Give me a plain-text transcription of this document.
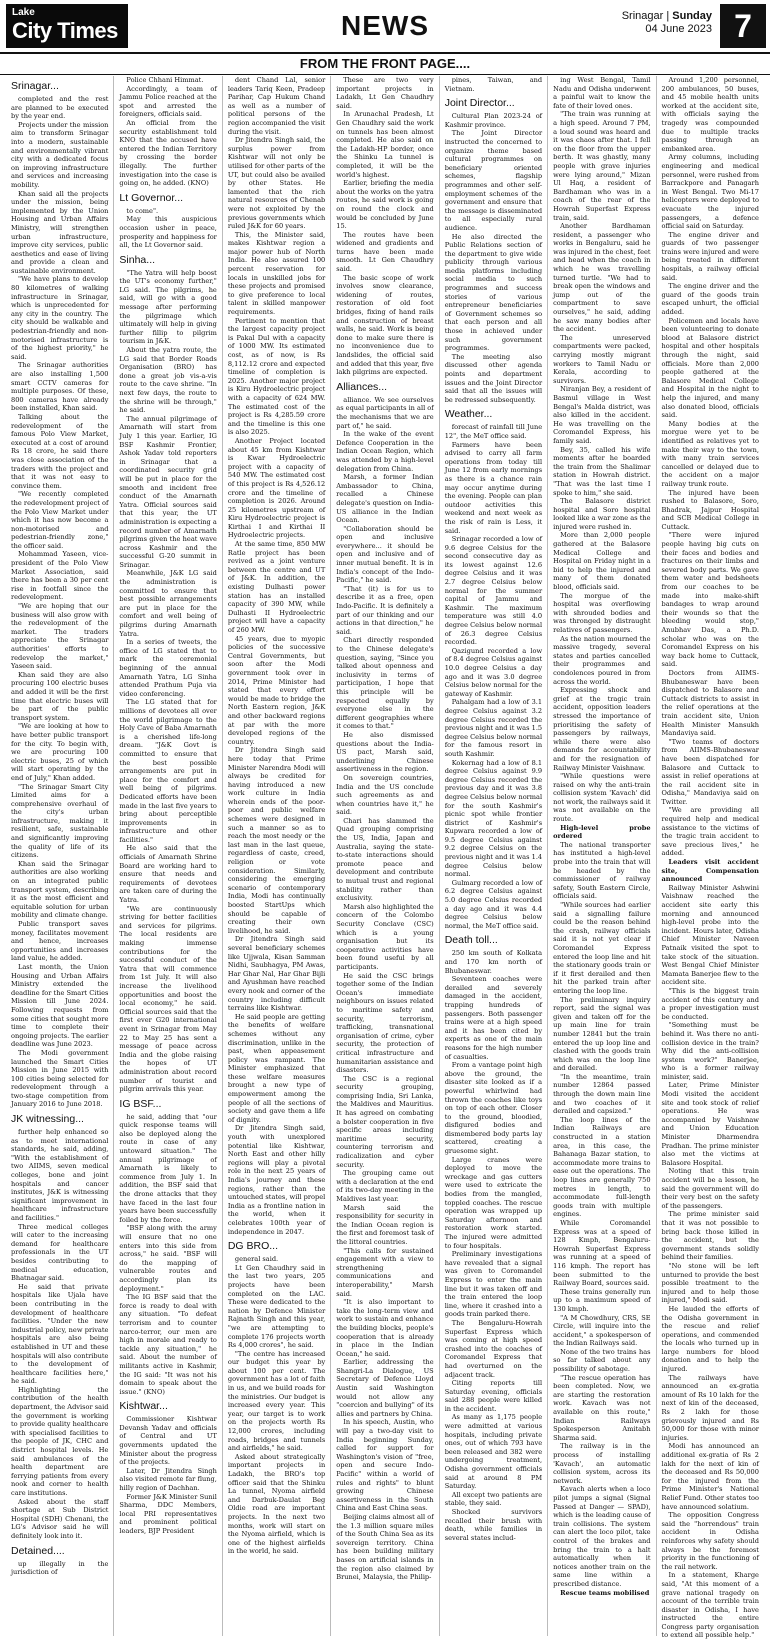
Lake
City Times	NEWS	Srinagar | Sunday
04 June 2023 7
FROM THE FRONT PAGE....
Srinagar...

completed and the rest are planned to be executed by the year end.

Projects under the mission aim to transform Srinagar into a modern, sustainable and environmentally vibrant city with a dedicated focus on improving infrastructure and services and increasing mobility.

Khan said all the projects under the mission, being implemented by the Union Housing and Urban Affairs Ministry, will strengthen urban infrastructure, improve city services, public aesthetics and ease of living and provide a clean and sustainable environment.

"We have plans to develop 80 kilometres of walking infrastructure in Srinagar, which is unprecedented for any city in the country. The city should be walkable and pedestrian-friendly and non-motorised infrastructure is of the highest priority," he said.

The Srinagar authorities are also installing 1,500 smart CCTV cameras for multiple purposes. Of these, 800 cameras have already been installed, Khan said.

Talking about the redevelopment of the famous Polo View Market, executed at a cost of around Rs 18 crore, he said there was close association of the traders with the project and that it was not easy to convince them.

"We recently completed the redevelopment project of the Polo View Market under which it has now become a non-motorised and pedestrian-friendly zone," the officer said.

Mohammad Yaseen, vice-president of the Polo View Market Association, said there has been a 30 per cent rise in footfall since the redevelopment.

"We are hoping that our business will also grow with the redevelopment of the market. The traders appreciate the Srinagar authorities' efforts to redevelop the market," Yaseen said.

Khan said they are also procuring 100 electric buses and added it will be the first time that electric buses will be part of the public transport system.

"We are looking at how to have better public transport for the city. To begin with, we are procuring 100 electric buses, 25 of which will start operating by the end of July," Khan added.

"The Srinagar Smart City Limited aims for a comprehensive overhaul of the city's urban infrastructure, making it resilient, safe, sustainable and significantly improving the quality of life of its citizens.

Khan said the Srinagar authorities are also working on an integrated public transport system, describing it as the most efficient and equitable solution for urban mobility and climate change.

Public transport saves money, facilitates movement and hence, increases opportunities and increases land value, he added.

Last month, the Union Housing and Urban Affairs Ministry extended the deadline for the Smart Cities Mission till June 2024. Following requests from some cities that sought more time to complete their ongoing projects. The earlier deadline was June 2023.

The Modi government launched the Smart Cities Mission in June 2015 with 100 cities being selected for redevelopment through a two-stage competition from January 2016 to June 2018.

JK witnessing...

further help enhanced so as to meet international standards, he said, adding, "With the establishment of two AIIMS, seven medical colleges, bone and joint hospitals and cancer institutes, J&K is witnessing significant improvement in healthcare infrastructure and facilities."

Three medical colleges will cater to the increasing demand for healthcare professionals in the UT besides contributing to medical education, Bhatnagar said.

He said that private hospitals like Ujala have been contributing in the development of healthcare facilities. "Under the new industrial policy, new private hospitals are also being established in UT and these hospitals will also contribute to the development of healthcare facilities here," he said.

Highlighting the contribution of the health department, the Advisor said the government is working to provide quality healthcare with specialised facilities to the people of JK, CHC and district hospital levels. He said ambulances of the health department are ferrying patients from every nook and corner to health care institutions.

Asked about the staff shortage at Sub District Hospital (SDH) Chenani, the LG's Advisor said he will definitely look into it.

Detained....

up illegally in the jurisdiction of

Police Chhani Himmat.

Accordingly, a team of Jammu Police reached at the spot and arrested the foreigners, officials said.

An official from the security establishment told KNO that the accused have entered the Indian Territory by crossing the border illegally. The further investigation into the case is going on, he added. (KNO)

Lt Governor...

to come".

May this auspicious occasion usher in peace, prosperity and happiness for all, the Lt Governor said.

Sinha...

"The Yatra will help boost the UT's economy further," LG said. The pilgrims, he said, will go with a good message after performing the pilgrimage which ultimately will help in giving further fillip to pilgrim tourism in J&K.

About the yatra route, the LG said that Border Roads Organisation (BRO) has done a great job vis-a-vis route to the cave shrine. "In next few days, the route to the shrine will be through," he said.

The annual pilgrimage of Amarnath will start from July 1 this year. Earlier, IG BSF Kashmir Frontier, Ashok Yadav told reporters in Srinagar that a coordinated security grid will be put in place for the smooth and incident free conduct of the Amarnath Yatra. Official sources said that this year, the UT administration is expecting a record number of Amarnath pilgrims given the heat wave across Kashmir and the successful G-20 summit in Srinagar.

Meanwhile, J&K LG said the administration is committed to ensure that best possible arrangements are put in place for the comfort and well being of pilgrims during Amarnath Yatra.

In a series of tweets, the office of LG stated that to mark the ceremonial beginning of the annual Amarnath Yatra, LG Sinha attended Prathum Puja via video conferencing.

The LG stated that for millions of devotees all over the world pilgrimage to the Holy Cave of Baba Amarnath is a cherished life-long dream. "J&K Govt is committed to ensure that the best possible arrangements are put in place for the comfort and well being of pilgrims. Dedicated efforts have been made in the last five years to bring about perceptible improvements in infrastructure and other facilities."

He also said that the officials of Amarnath Shrine Board are working hard to ensure that needs and requirements of devotees are taken care of during the Yatra.

"We are continuously striving for better facilities and services for pilgrims. The local residents are making immense contributions for the successful conduct of the Yatra that will commence from 1st July. It will also increase the livelihood opportunities and boost the local economy," he said. Official sources said that the first ever G20 international event in Srinagar from May 22 to May 25 has sent a message of peace across India and the globe raising the hopes of UT administration about record number of tourist and pilgrim arrivals this year.

IG BSF...

he said, adding that "our quick response teams will also be deployed along the route in case of any untoward situation." The annual pilgrimage of Amarnath is likely to commence from July 1. In addition, the BSF said that the drone attacks that they have faced in the last four years have been successfully foiled by the force.

"BSF along with the army will ensure that no one enters into this side from across," he said. "BSF will do the mapping of vulnerable routes and accordingly plan its deployment."

The IG BSF said that the force is ready to deal with any situation. "To defeat terrorism and to counter narco-terror, our men are high in morale and ready to tackle any situation," he said. About the number of militants active in Kashmir, the IG said: "It was not his domain to speak about the issue." (KNO)

Kishtwar...

Commissioner Kishtwar Devansh Yadav and officials of Central and UT governments updated the Minister about the progress of the projects.

Later, Dr Jitendra Singh also visited remote far flung, hilly region of Dachhan.

Former J&K Minister Sunil Sharma, DDC Members, local PRI representatives and prominent political leaders, BJP President

dent Chand Lal, senior leaders Tariq Keen, Pradeep Parihar, Cap Hukum Chand as well as a number of political persons of the region accompanied the visit during the visit.

Dr Jitendra Singh said, the surplus power from Kishtwar will not only be utilised for other parts of the UT, but could also be availed by other States. He lamented that the rich natural resources of Chenab were not exploited by the previous governments which ruled J&K for 60 years.

This, the Minister said, makes Kishtwar region a major power hub of North India. He also assured 100 percent reservation for locals in unskilled jobs for these projects and promised to give preference to local talent in skilled manpower requirements.

Pertinent to mention that the largest capacity project is Pakal Dul with a capacity of 1000 MW. Its estimated cost, as of now, is Rs 8,112.12 crore and expected timeline of completion is 2025. Another major project is Kiru Hydroelectric project with a capacity of 624 MW. The estimated cost of the project is Rs 4,285.59 crore and the timeline is this one is also 2025.

Another Project located about 45 km from Kishtwar is Kwar Hydroelectric project with a capacity of 540 MW. The estimated cost of this project is Rs 4,526.12 crore and the timeline of completion is 2026. Around 25 kilometres upstream of Kiru Hydroelectric project is Kirthai I and Kirthai II Hydroelectric projects.

At the same time, 850 MW Ratle project has been revived as a joint venture between the centre and UT of J&K. In addition, the existing Dulhasti power station has an installed capacity of 390 MW, while Dulhasti II Hydroelectric project will have a capacity of 260 MW.

45 years, due to myopic policies of the successive Central Governments, but soon after the Modi government took over in 2014, Prime Minister had stated that every effort would be made to bridge the North Eastern region, J&K and other backward regions at par with the more developed regions of the country.

Dr Jitendra Singh said here today that Prime Minister Narendra Modi will always be credited for having introduced a new work culture in India wherein ends of the poor-poor and public welfare schemes were designed in such a manner so as to reach the most needy or the last man in the last queue, regardless of caste, creed, religion or vote consideration. Similarly, considering the emerging scenario of contemporary India, Modi has continually boosted StartUps which should be capable of creating their own livelihood, he said.

Dr Jitendra Singh said several beneficiary schemes like Ujjwala, Kisan Samman Nidhi, Saubhagya, PM Awas, Har Ghar Nal, Har Ghar Bijli and Ayushman have reached every nook and corner of the country including difficult terrains like Kishtwar.

He said people are getting the benefits of welfare schemes without any discrimination, unlike in the past, when appeasement policy was rampant. The Minister emphasized that these welfare measures brought a new type of empowerment among the people of all the sections of society and gave them a life of dignity.

Dr Jitendra Singh said, youth with unexplored potential like Kishtwar, North East and other hilly regions will play a pivotal role in the next 25 years of India's journey and these regions, rather than the untouched states, will propel India as a frontline nation in the world, when it celebrates 100th year of independence in 2047.

DG BRO...

general said.

Lt Gen Chaudhry said in the last two years, 205 projects have been completed on the LAC. These were dedicated to the nation by Defence Minister Rajnath Singh and this year, "we are attempting to complete 176 projects worth Rs 4,000 crores", he said.

"The centre has increased our budget this year by about 100 per cent. The government has a lot of faith in us, and we build roads for the ministries. Our budget is increased every year. This year, our target is to work on the projects worth Rs 12,000 crores, including roads, bridges and tunnels and airfields," he said.

Asked about strategically important projects in Ladakh, the BRO's top officer said that the Shinku La tunnel, Nyoma airfield and Darbuk-Daulat Beg Oldie road are important projects. In the next two months, work will start on the Nyoma airfield, which is one of the highest airfields in the world, he said.

These are two very important projects in Ladakh, Lt Gen Chaudhry said.

In Arunachal Pradesh, Lt Gen Chaudhry said the work on tunnels has been almost completed. He also said on the Ladakh-HP border, once the Shinku La tunnel is completed, it will be the world's highest.

Earlier, briefing the media about the works on the yatra routes, he said work is going on round the clock and would be concluded by June 15.

The routes have been widened and gradients and turns have been made smooth. Lt Gen Chaudhry said.

The basic scope of work involves snow clearance, widening of routes, restoration of old foot bridges, fixing of hand rails and construction of breast walls, he said. Work is being done to make sure there is no inconvenience due to landslides, the official said and added that this year, five lakh pilgrims are expected.

Alliances...

alliance. We see ourselves as equal participants in all of the mechanisms that we are part of," he said.

In the wake of the event Defence Cooperation in the Indian Ocean Region, which was attended by a high-level delegation from China.

Marsh, a former Indian Ambassador to China, recalled a Chinese delegate's question on India-US alliance in the Indian Ocean.

"Collaboration should be open and inclusive everywhere... it should be open and inclusive and of inner mutual benefit. It is in India's concept of the Indo-Pacific," he said.

"That (it) is for us to describe it as a free, open Indo-Pacific. It is definitely a part of our thinking and our actions in that direction," he said.

Chari directly responded to the Chinese delegate's question, saying, "Since you talked about openness and inclusivity in terms of participation, I hope that this principle will be respected equally by everyone else in the different geographies where it comes to that."

He also dismissed questions about the India-US pact, Marsh said, underlining Chinese assertiveness in the region.

On sovereign countries, India and the US conclude such agreements as and when countries have it," he said.

Chari has slammed the Quad grouping comprising the US, India, Japan and Australia, saying the state-to-state interactions should promote peace and development and contribute to mutual trust and regional stability rather than exclusivity.

Marsh also highlighted the concern of the Colombo Security Conclave (CSC) which is a young organisation but its cooperative activities have been found useful by all participants.

He said the CSC brings together some of the Indian Ocean's immediate neighbours on issues related to maritime safety and security, terrorism, trafficking, transnational organisation of crime, cyber security, the protection of critical infrastructure and humanitarian assistance and disasters.

The CSC is a regional security grouping, comprising India, Sri Lanka, the Maldives and Mauritius. It has agreed on combating a bolster cooperation in five specific areas including maritime security, countering terrorism and radicalization and cyber security.

The grouping came out with a declaration at the end of its two-day meeting in the Maldives last year.

Marsh said the responsibility for security in the Indian Ocean region is the first and foremost task of the littoral countries.

"This calls for sustained engagement with a view to strengthening communications and interoperability," Marsh said.

"It is also important to take the long-term view and work to sustain and enhance the building blocks, people's cooperation that is already in place in the Indian Ocean," he said.

Earlier, addressing the Shangri-La Dialogue, US Secretary of Defence Lloyd Austin said Washington would not allow any "coercion and bullying" of its allies and partners by China.

In his speech, Austin, who will pay a two-day visit to India beginning Sunday, called for support for Washington's vision of "free, open and secure Indo-Pacific" within a world of rules and rights" to blunt growing Chinese assertiveness in the South China and East China seas.

Beijing claims almost all of the 1.3 million square miles of the South China Sea as its sovereign territory. China has been building military bases on artificial islands in the region also claimed by Brunei, Malaysia, the Philip-

pines, Taiwan, and Vietnam.

Joint Director...

Cultural Plan 2023-24 of Kashmir province.

The Joint Director instructed the concerned to organize theme based cultural programmes on beneficiary oriented schemes, flagship programmes and other self-employment schemes of the government and ensure that the message is disseminated to all especially rural audience.

He also directed the Public Relations section of the department to give wide publicity through various media platforms including social media to such programmes and success stories of various entrepreneur beneficiaries of Government schemes so that each person and all those in achieved under such government programmes.

The meeting also discussed other agenda points and department issues and the Joint Director said that all the issues will be redressed subsequently.

Weather...

forecast of rainfall till June 12", the MeT office said.

Farmers have been advised to carry all farm operations from today till June 12 from early mornings as there is a chance rain may occur anytime during the evening. People can plan outdoor activities this weekend and next week as the risk of rain is Less, it said.

Srinagar recorded a low of 9.6 degree Celsius for the second consecutive day as its lowest against 12.6 degree Celsius and it was 2.7 degree Celsius below normal for the summer capital of Jammu and Kashmir. The maximum temperature was still 4.0 degree Celsius below normal of 26.3 degree Celsius recorded.

Qazigund recorded a low of 8.4 degree Celsius against 10.0 degree Celsius a day ago and it was 3.0 degree Celsius below normal for the gateway of Kashmir.

Pahalgam had a low of 3.1 degree Celsius against 3.2 degree Celsius recorded the previous night and it was 1.5 degree Celsius below normal for the famous resort in south Kashmir.

Kokernag had a low of 8.1 degree Celsius against 9.9 degree Celsius recorded the previous day and it was 3.8 degree Celsius below normal for the south Kashmir's picnic spot while frontier district of Kashmir's Kupwara recorded a low of 9.5 degree Celsius against 9.2 degree Celsius on the previous night and it was 1.4 degree Celsius below normal.

Gulmarg recorded a low of 6.2 degree Celsius against 5.0 degree Celsius recorded a day ago and it was 4.4 degree Celsius below normal, the MeT office said.

Death toll...

250 km south of Kolkata and 170 km north of Bhubaneswar.

Seventeen coaches were derailed and severely damaged in the accident, trapping hundreds of passengers. Both passenger trains were at a high speed and it has been cited by experts as one of the main reasons for the high number of casualties.

From a vantage point high above the ground, the disaster site looked as if a powerful whirlwind had thrown the coaches like toys on top of each other. Closer to the ground, bloodied, disfigured bodies and dismembered body parts lay scattered, creating a gruesome sight.

Large cranes were deployed to move the wreckage and gas cutters were used to extricate the bodies from the mangled, toppled coaches. The rescue operation was wrapped up Saturday afternoon and restoration work started. The injured were admitted to four hospitals.

Preliminary investigations have revealed that a signal was given to Coromandel Express to enter the main line but it was taken off and the train entered the loop line, where it crashed into a goods train parked there.

The Bengaluru-Howrah Superfast Express which was coming at high speed crashed into the coaches of Coromandel Express that had overturned on the adjacent track.

Citing reports till Saturday evening, officials said 288 people were killed in the accident.

As many as 1,175 people were admitted at various hospitals, including private ones, out of which 793 have been released and 382 were undergoing treatment, Odisha government officials said at around 8 PM Saturday.

All except two patients are stable, they said.

Shocked survivors recalled their brush with death, while families in several states includ-

ing West Bengal, Tamil Nadu and Odisha underwent a painful wait to know the fate of their loved ones.

"The train was running at a high speed. Around 7 PM, a loud sound was heard and it was chaos after that. I fell on the floor from the upper berth. It was ghastly, many people with grave injuries were lying around," Mizan Ul Haq, a resident of Bardhaman who was in a coach of the rear of the Howrah Superfast Express train, said.

Another Bardhaman resident, a passenger who works in Bengaluru, said he was injured in the chest, feet and head when the coach in which he was travelling turned turtle. "We had to break open the windows and jump out of the compartment to save ourselves," he said, adding he saw many bodies after the accident.

The unreserved compartments were packed, carrying mostly migrant workers to Tamil Nadu or Kerala, according to survivors.

Niranjan Bey, a resident of Basmul village in West Bengal's Malda district, was also killed in the accident. He was travelling on the Coromandel Express, his family said.

Bey, 35, called his wife moments after he boarded the train from the Shalimar station in Howrah district. "That was the last time I spoke to him," she said.

The Balasore district hospital and Soro hospital looked like a war zone as the injured were rushed in.

More than 2,000 people gathered at the Balasore Medical College and Hospital on Friday night in a bid to help the injured and many of them donated blood, officials said.

The morgue of the hospital was overflowing with shrouded bodies and was thronged by distraught relatives of passengers.

As the nation mourned the massive tragedy, several states and parties cancelled their programmes and condolences poured in from across the world.

Expressing shock and grief at the tragic train accident, opposition leaders stressed the importance of prioritising the safety of passengers by railways, while there were also demands for accountability and for the resignation of Railway Minister Vaishnaw.

"While questions were raised on why the anti-train collision system 'Kavach' did not work, the railways said it was not available on the route.

High-level probe ordered

The national transporter has instituted a high-level probe into the train that will be headed by the commissioner of railway safety, South Eastern Circle, officials said.

"While sources had earlier said a signalling failure could be the reason behind the crash, railway officials said it is not yet clear if Coromandel Express entered the loop line and hit the stationary goods train or if it first derailed and then hit the parked train after entering the loop line.

The preliminary inquiry report, said the signal was given and taken off for the up main line for train number 12841 but the train entered the up loop line and clashed with the goods train which was on the loop line and derailed.

"In the meantime, train number 12864 passed through the down main line and two coaches of it derailed and capsized."

The loop lines of the Indian Railways are constructed in a station area, in this case, the Bahanaga Bazar station, to accommodate more trains to ease out the operations. The loop lines are generally 750 metres in length, to accommodate full-length goods train with multiple engines.

While Coromandel Express was at a speed of 128 Kmph, Bengaluru-Howrah Superfast Express was running at a speed of 116 kmph. The report has been submitted to the Railway Board, sources said.

These trains generally run up to a maximum speed of 130 kmph.

"A M Chowdhury, CRS, SE Circle, will inquire into the accident," a spokesperson of the Indian Railways said.

None of the two trains has so far talked about any possibility of sabotage.

"The rescue operation has been completed. Now, we are starting the restoration work. Kavach was not available on this route," Indian Railways Spokesperson Amitabh Sharma said.

The railway is in the process of installing 'Kavach', an automatic collision system, across its network.

Kavach alerts when a loco pilot jumps a signal (Signal Passed at Danger — SPAD), which is the leading cause of train collisions. The system can alert the loco pilot, take control of the brakes and bring the train to a halt automatically when it notices another train on the same line within a prescribed distance.

Rescue teams mobilised

Around 1,200 personnel, 200 ambulances, 50 buses, and 45 mobile health units worked at the accident site, with officials saying the tragedy was compounded due to multiple tracks passing through an embanked area.

Army columns, including engineering and medical personnel, were rushed from Barrackpore and Panagarh in West Bengal. Two Mi-17 helicopters were deployed to evacuate the injured passengers, a defence official said on Saturday.

The engine driver and guards of two passenger trains were injured and were being treated in different hospitals, a railway official said.

The engine driver and the guard of the goods train escaped unhurt, the official added.

Policemen and locals have been volunteering to donate blood at Balasore district hospital and other hospitals through the night, said officials. More than 2,000 people gathered at the Balasore Medical College and Hospital in the night to help the injured, and many also donated blood, officials said.

Many bodies at the morgue were yet to be identified as relatives yet to make their way to the town, with many train services cancelled or delayed due to the accident on a major railway trunk route.

The injured have been rushed to Balasore, Soro, Bhadrak, Jajpur Hospital and SCB Medical College in Cuttack.

"There were injured people having big cuts on their faces and bodies and fractures on their limbs and severed body parts. We gave them water and bedsheets from our coaches to be made into make-shift bandages to wrap around their wounds so that the bleeding would stop," Anubhav Das, a Ph.D. scholar who was on the Coromandel Express on his way back home to Cuttack, said.

Doctors from AIIMS-Bhubaneswar have been dispatched to Balasore and Cuttack districts to assist in the relief operations at the train accident site, Union Health Minister Mansukh Mandaviya said.

"Two teams of doctors from AIIMS-Bhubaneswar have been dispatched for Balasore and Cuttack to assist in relief operations at the rail accident site in Odisha," Mandaviya said on Twitter.

"We are providing all required help and medical assistance to the victims of the tragic train accident to save precious lives," he added.

Leaders visit accident site, Compensation announced

Railway Minister Ashwini Vaishnaw reached the accident site early this morning and announced high-level probe into the incident. Hours later, Odisha Chief Minister Naveen Patnaik visited the spot to take stock of the situation. West Bengal Chief Minister Mamata Banerjee flew to the accident site.

"This is the biggest train accident of this century and a proper investigation must be conducted.

"Something must be behind it. Was there no anti-collision device in the train? Why did the anti-collision system work?" Banerjee, who is a former railway minister, said.

Later, Prime Minister Modi visited the accident site and took stock of relief operations. He was accompanied by Vaishnaw and Union Education Minister Dharmendra Pradhan. The prime minister also met the victims at Balasore Hospital.

Noting that this train accident will be a lesson, he said the government will do their very best on the safety of the passengers.

The prime minister said that it was not possible to bring back those killed in the accident, but the government stands solidly behind their families.

"No stone will be left unturned to provide the best possible treatment to the injured and to help those injured," Modi said.

He lauded the efforts of the Odisha government in the rescue and relief operations, and commended the locals who turned up in large numbers for blood donation and to help the injured.

The railways have announced an ex-gratia amount of Rs 10 lakh for the next of kin of the deceased, Rs 2 lakh for those grievously injured and Rs 50,000 for those with minor injuries.

Modi has announced an additional ex-gratia of Rs 2 lakh for the next of kin of the deceased and Rs 50,000 for the injured from the Prime Minister's National Relief Fund. Other states too have announced solatium.

The opposition Congress said the "horrendous" train accident in Odisha reinforces why safety should always be the foremost priority in the functioning of the rail network.

In a statement, Kharge said, "At this moment of a grave national tragedy on account of the terrible train disaster in Odisha, I have instructed the entire Congress party organisation to extend all possible help."
